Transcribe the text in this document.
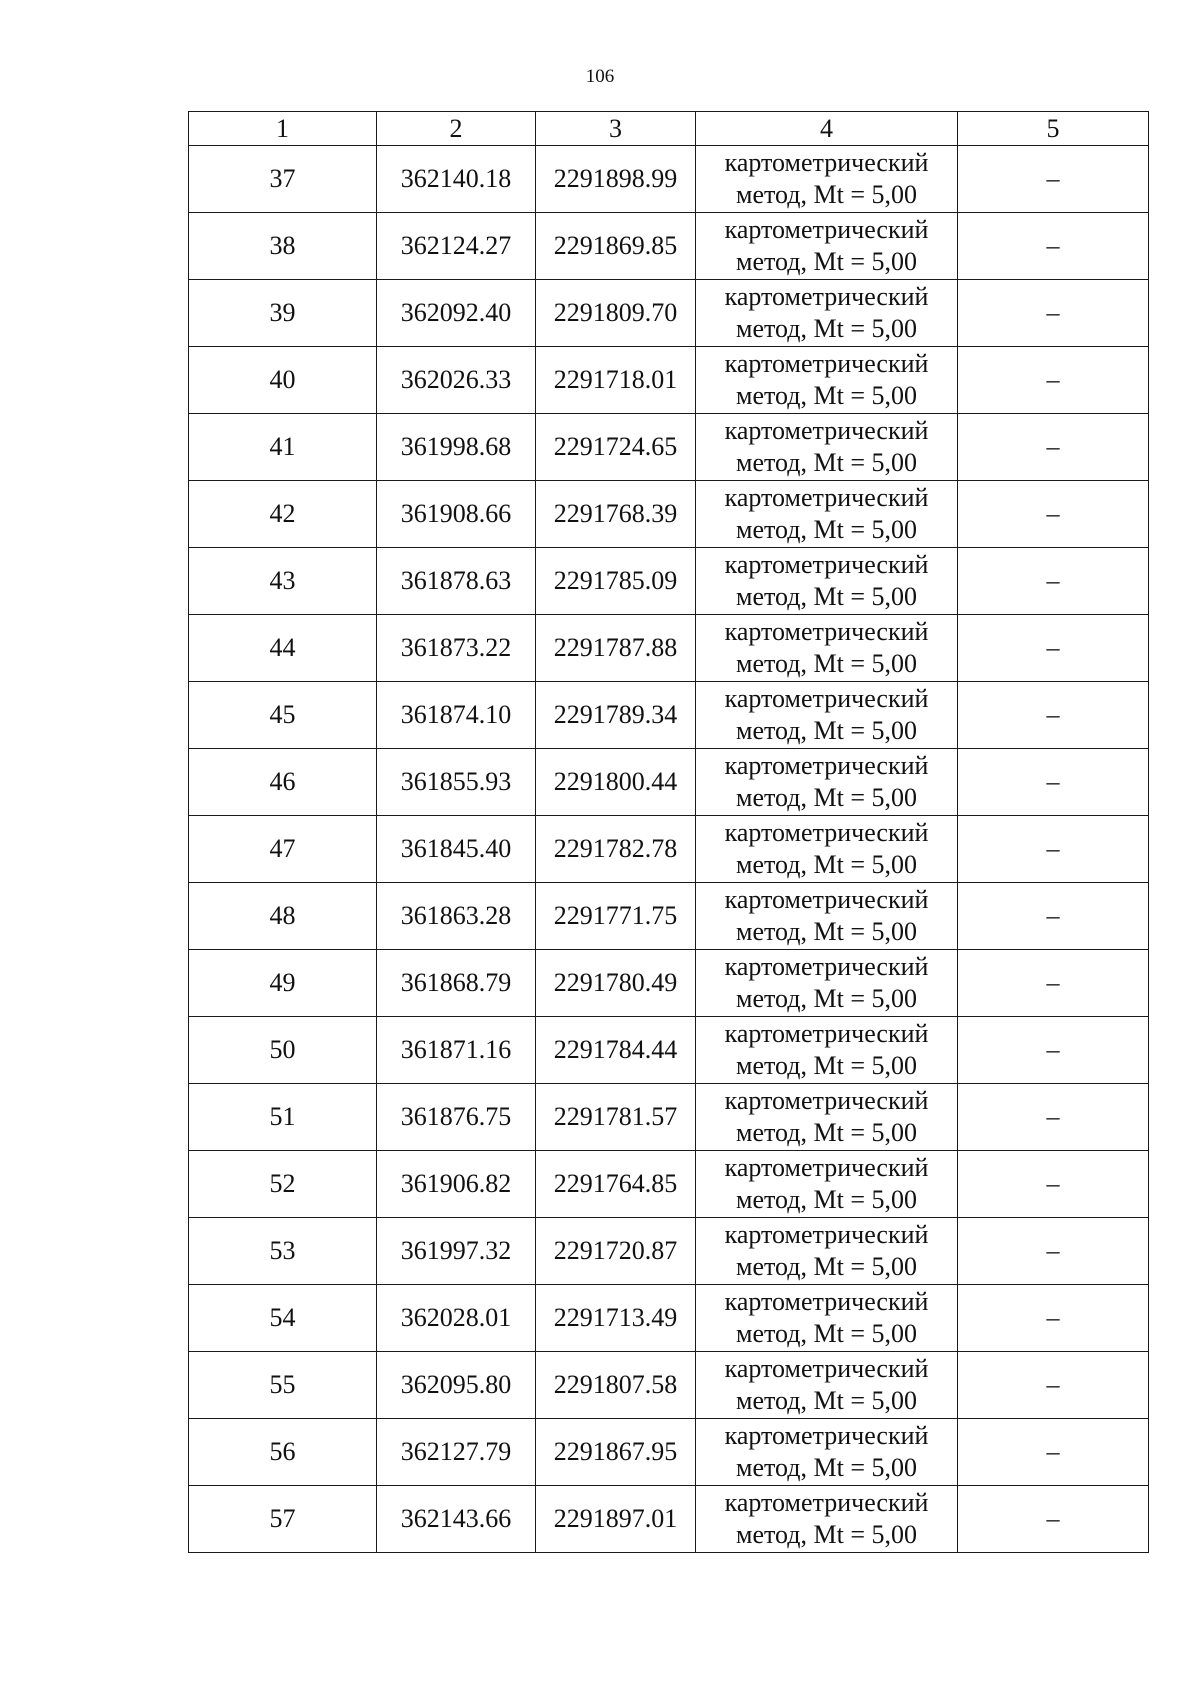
106
1	2	3	4	5
37	362140.18	2291898.99	картометрический
метод, Mt = 5,00	–
38	362124.27	2291869.85	картометрический
метод, Mt = 5,00	–
39	362092.40	2291809.70	картометрический
метод, Mt = 5,00	–
40	362026.33	2291718.01	картометрический
метод, Mt = 5,00	–
41	361998.68	2291724.65	картометрический
метод, Mt = 5,00	–
42	361908.66	2291768.39	картометрический
метод, Mt = 5,00	–
43	361878.63	2291785.09	картометрический
метод, Mt = 5,00	–
44	361873.22	2291787.88	картометрический
метод, Mt = 5,00	–
45	361874.10	2291789.34	картометрический
метод, Mt = 5,00	–
46	361855.93	2291800.44	картометрический
метод, Mt = 5,00	–
47	361845.40	2291782.78	картометрический
метод, Mt = 5,00	–
48	361863.28	2291771.75	картометрический
метод, Mt = 5,00	–
49	361868.79	2291780.49	картометрический
метод, Mt = 5,00	–
50	361871.16	2291784.44	картометрический
метод, Mt = 5,00	–
51	361876.75	2291781.57	картометрический
метод, Mt = 5,00	–
52	361906.82	2291764.85	картометрический
метод, Mt = 5,00	–
53	361997.32	2291720.87	картометрический
метод, Mt = 5,00	–
54	362028.01	2291713.49	картометрический
метод, Mt = 5,00	–
55	362095.80	2291807.58	картометрический
метод, Mt = 5,00	–
56	362127.79	2291867.95	картометрический
метод, Mt = 5,00	–
57	362143.66	2291897.01	картометрический
метод, Mt = 5,00	–
